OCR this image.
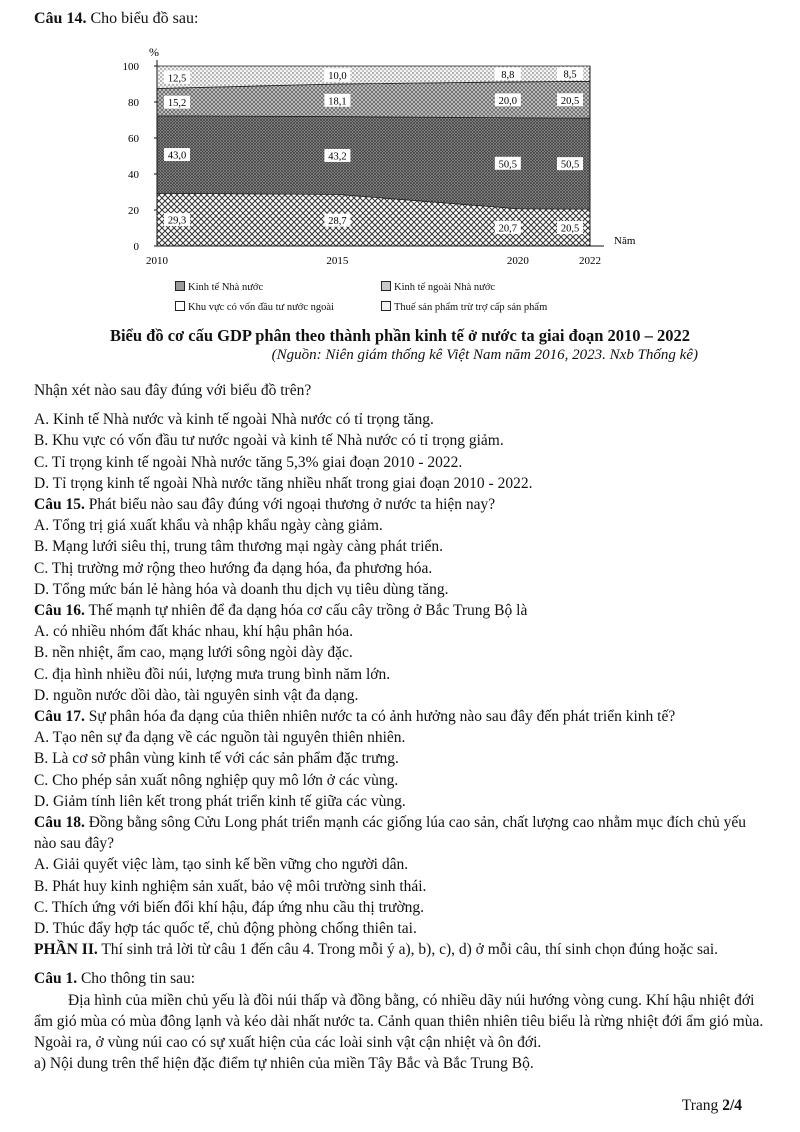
Câu 14. Cho biểu đồ sau:
0
20
40
60
80
100
%
2010	2015	2020	2022
Năm
29,3	28,7
20,7	20,5
43,0	43,2
50,5	50,5
15,2	18,1	20,0	20,5
12,5	10,0	8,8	8,5
Kinh tế Nhà nước	Kinh tế ngoài Nhà nước
Khu vực có vốn đầu tư nước ngoài	Thuế sản phẩm trừ trợ cấp sản phẩm
Biểu đồ cơ cấu GDP phân theo thành phần kinh tế ở nước ta giai đoạn 2010 – 2022
(Nguồn: Niên giám thống kê Việt Nam năm 2016, 2023. Nxb Thống kê)
Nhận xét nào sau đây đúng với biểu đồ trên?
A. Kinh tế Nhà nước và kinh tế ngoài Nhà nước có tỉ trọng tăng.
B. Khu vực có vốn đầu tư nước ngoài và kinh tế Nhà nước có tỉ trọng giảm.
C. Tỉ trọng kinh tế ngoài Nhà nước tăng 5,3% giai đoạn 2010 - 2022.
D. Tỉ trọng kinh tế ngoài Nhà nước tăng nhiều nhất trong giai đoạn 2010 - 2022.
Câu 15. Phát biểu nào sau đây đúng với ngoại thương ở nước ta hiện nay?
A. Tổng trị giá xuất khẩu và nhập khẩu ngày càng giảm.
B. Mạng lưới siêu thị, trung tâm thương mại ngày càng phát triển.
C. Thị trường mở rộng theo hướng đa dạng hóa, đa phương hóa.
D. Tổng mức bán lẻ hàng hóa và doanh thu dịch vụ tiêu dùng tăng.
Câu 16. Thế mạnh tự nhiên để đa dạng hóa cơ cấu cây trồng ở Bắc Trung Bộ là
A. có nhiều nhóm đất khác nhau, khí hậu phân hóa.
B. nền nhiệt, ẩm cao, mạng lưới sông ngòi dày đặc.
C. địa hình nhiều đồi núi, lượng mưa trung bình năm lớn.
D. nguồn nước dồi dào, tài nguyên sinh vật đa dạng.
Câu 17. Sự phân hóa đa dạng của thiên nhiên nước ta có ảnh hưởng nào sau đây đến phát triển kinh tế?
A. Tạo nên sự đa dạng về các nguồn tài nguyên thiên nhiên.
B. Là cơ sở phân vùng kinh tế với các sản phẩm đặc trưng.
C. Cho phép sản xuất nông nghiệp quy mô lớn ở các vùng.
D. Giảm tính liên kết trong phát triển kinh tế giữa các vùng.
Câu 18. Đồng bằng sông Cửu Long phát triển mạnh các giống lúa cao sản, chất lượng cao nhằm mục đích chủ yếu nào sau đây?
A. Giải quyết việc làm, tạo sinh kế bền vững cho người dân.
B. Phát huy kinh nghiệm sản xuất, bảo vệ môi trường sinh thái.
C. Thích ứng với biến đổi khí hậu, đáp ứng nhu cầu thị trường.
D. Thúc đẩy hợp tác quốc tế, chủ động phòng chống thiên tai.
PHẦN II. Thí sinh trả lời từ câu 1 đến câu 4. Trong mỗi ý a), b), c), d) ở mỗi câu, thí sinh chọn đúng hoặc sai.
Câu 1. Cho thông tin sau:
Địa hình của miền chủ yếu là đồi núi thấp và đồng bằng, có nhiều dãy núi hướng vòng cung. Khí hậu nhiệt đới ẩm gió mùa có mùa đông lạnh và kéo dài nhất nước ta. Cảnh quan thiên nhiên tiêu biểu là rừng nhiệt đới ẩm gió mùa. Ngoài ra, ở vùng núi cao có sự xuất hiện của các loài sinh vật cận nhiệt và ôn đới.
a) Nội dung trên thể hiện đặc điểm tự nhiên của miền Tây Bắc và Bắc Trung Bộ.
Trang 2/4
